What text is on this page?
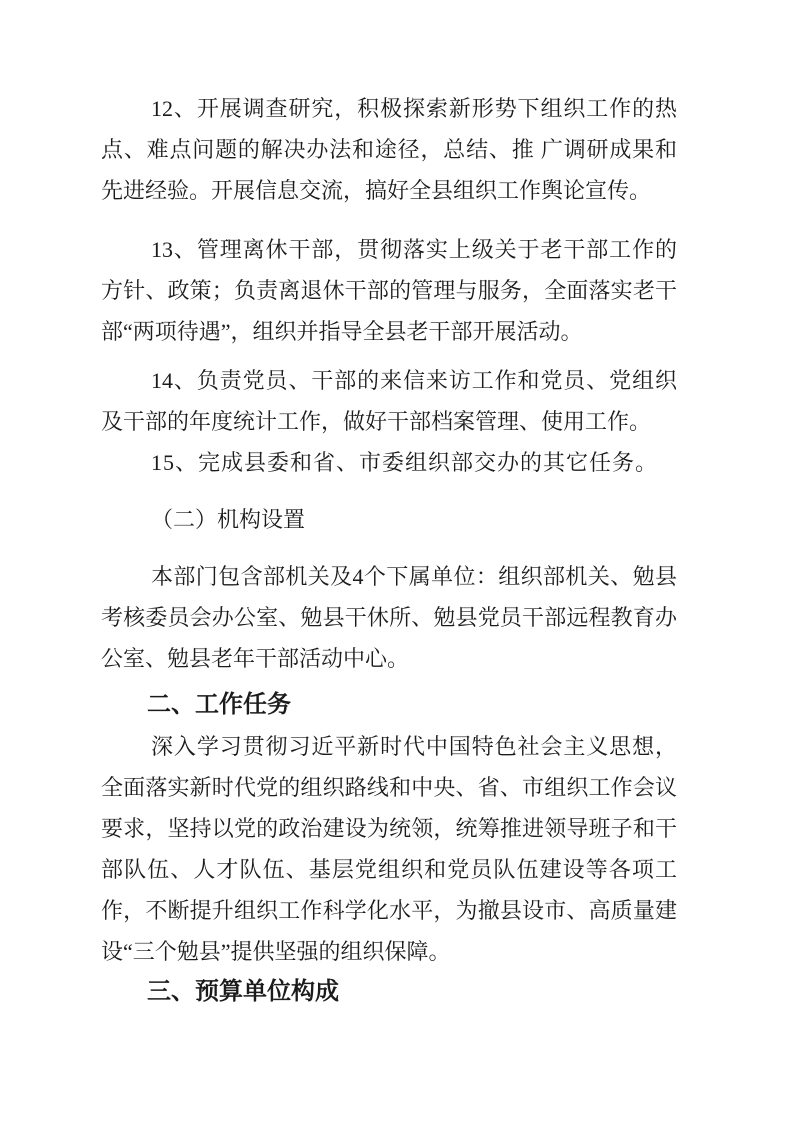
12、开展调查研究，积极探索新形势下组织工作的热点、难点问题的解决办法和途径，总结、推 广调研成果和先进经验。开展信息交流，搞好全县组织工作舆论宣传。

13、管理离休干部，贯彻落实上级关于老干部工作的方针、政策；负责离退休干部的管理与服务，全面落实老干部“两项待遇”，组织并指导全县老干部开展活动。

14、负责党员、干部的来信来访工作和党员、党组织及干部的年度统计工作，做好干部档案管理、使用工作。

15、完成县委和省、市委组织部交办的其它任务。

（二）机构设置

本部门包含部机关及4个下属单位：组织部机关、勉县考核委员会办公室、勉县干休所、勉县党员干部远程教育办公室、勉县老年干部活动中心。

二、工作任务

深入学习贯彻习近平新时代中国特色社会主义思想，全面落实新时代党的组织路线和中央、省、市组织工作会议要求，坚持以党的政治建设为统领，统筹推进领导班子和干部队伍、人才队伍、基层党组织和党员队伍建设等各项工作，不断提升组织工作科学化水平，为撤县设市、高质量建设“三个勉县”提供坚强的组织保障。

三、预算单位构成
